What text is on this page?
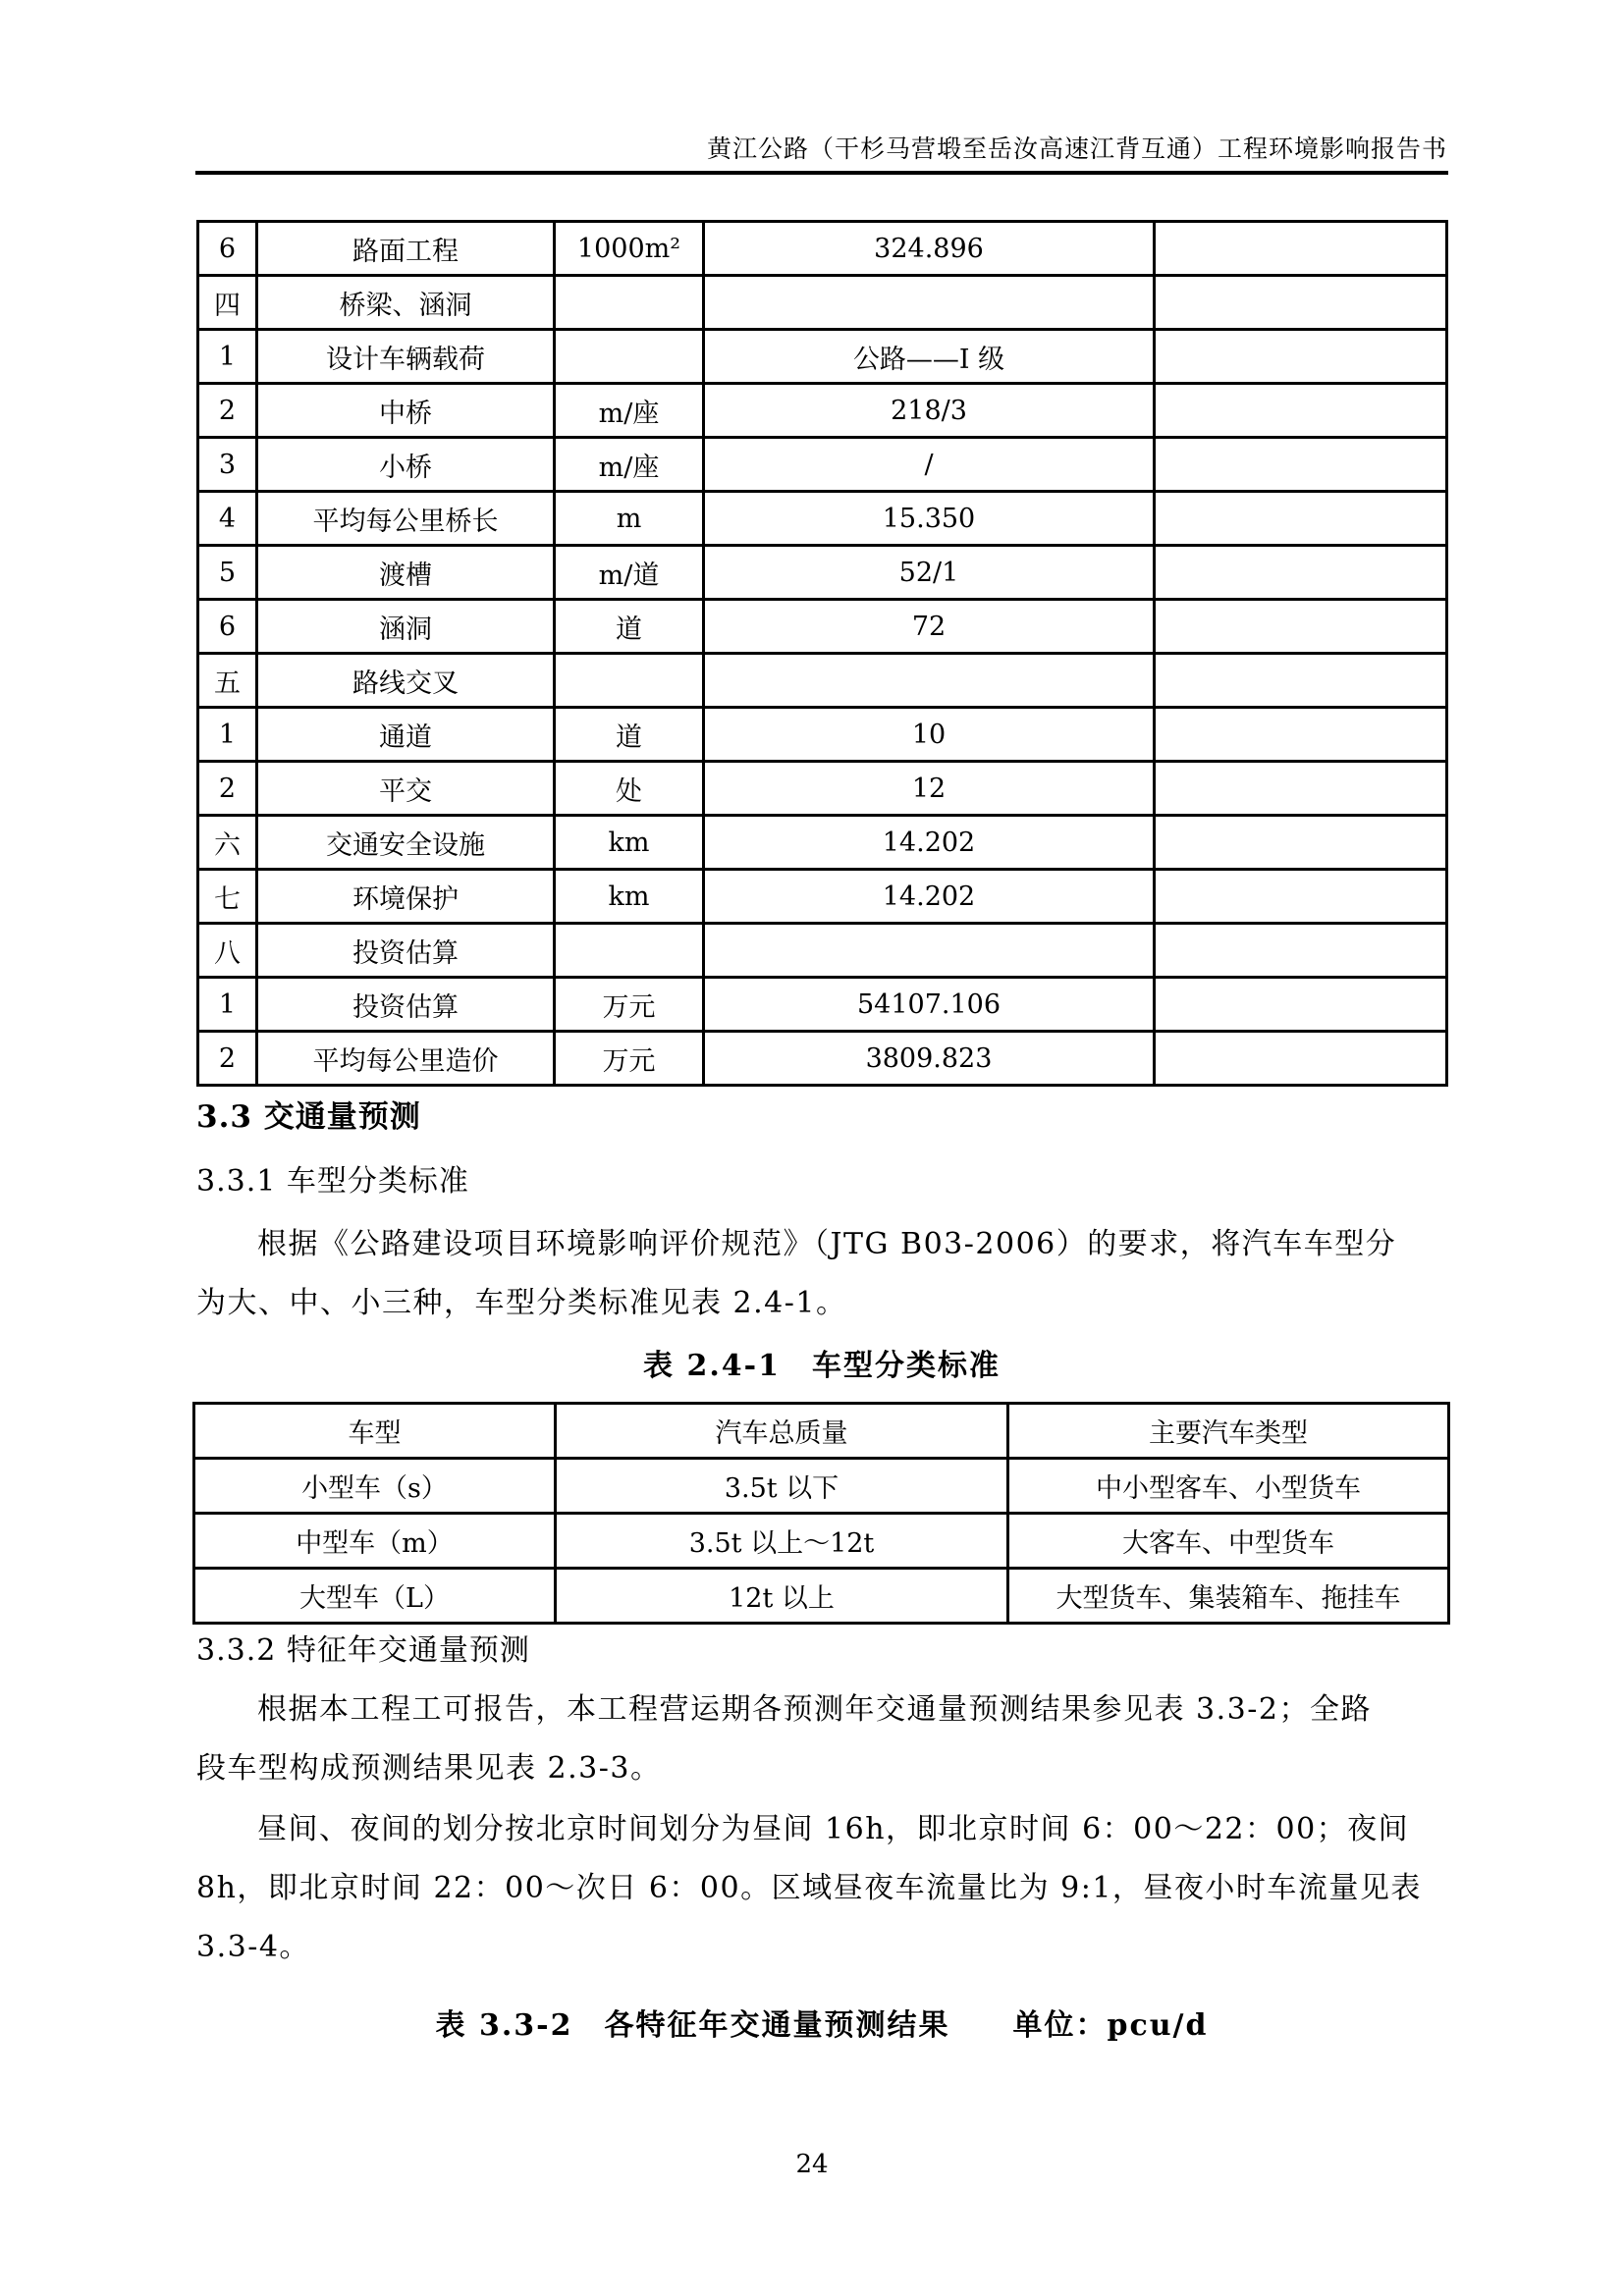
黄江公路（干杉马营塅至岳汝高速江背互通）工程环境影响报告书
6	路面工程	1000m²	324.896	
四	桥梁、涵洞			
1	设计车辆载荷		公路——I 级	
2	中桥	m/座	218/3	
3	小桥	m/座	/	
4	平均每公里桥长	m	15.350	
5	渡槽	m/道	52/1	
6	涵洞	道	72	
五	路线交叉			
1	通道	道	10	
2	平交	处	12	
六	交通安全设施	km	14.202	
七	环境保护	km	14.202	
八	投资估算			
1	投资估算	万元	54107.106	
2	平均每公里造价	万元	3809.823	
3.3 交通量预测
3.3.1 车型分类标准
根据《公路建设项目环境影响评价规范》（JTG B03-2006）的要求，将汽车车型分
为大、中、小三种，车型分类标准见表 2.4-1。
表 2.4-1　车型分类标准
车型	汽车总质量	主要汽车类型
小型车（s）	3.5t 以下	中小型客车、小型货车
中型车（m）	3.5t 以上～12t	大客车、中型货车
大型车（L）	12t 以上	大型货车、集装箱车、拖挂车
3.3.2 特征年交通量预测
根据本工程工可报告，本工程营运期各预测年交通量预测结果参见表 3.3-2；全路
段车型构成预测结果见表 2.3-3。
昼间、夜间的划分按北京时间划分为昼间 16h，即北京时间 6：00～22：00；夜间
8h，即北京时间 22：00～次日 6：00。区域昼夜车流量比为 9:1，昼夜小时车流量见表
3.3-4。
表 3.3-2　各特征年交通量预测结果 单位：pcu/d
24
